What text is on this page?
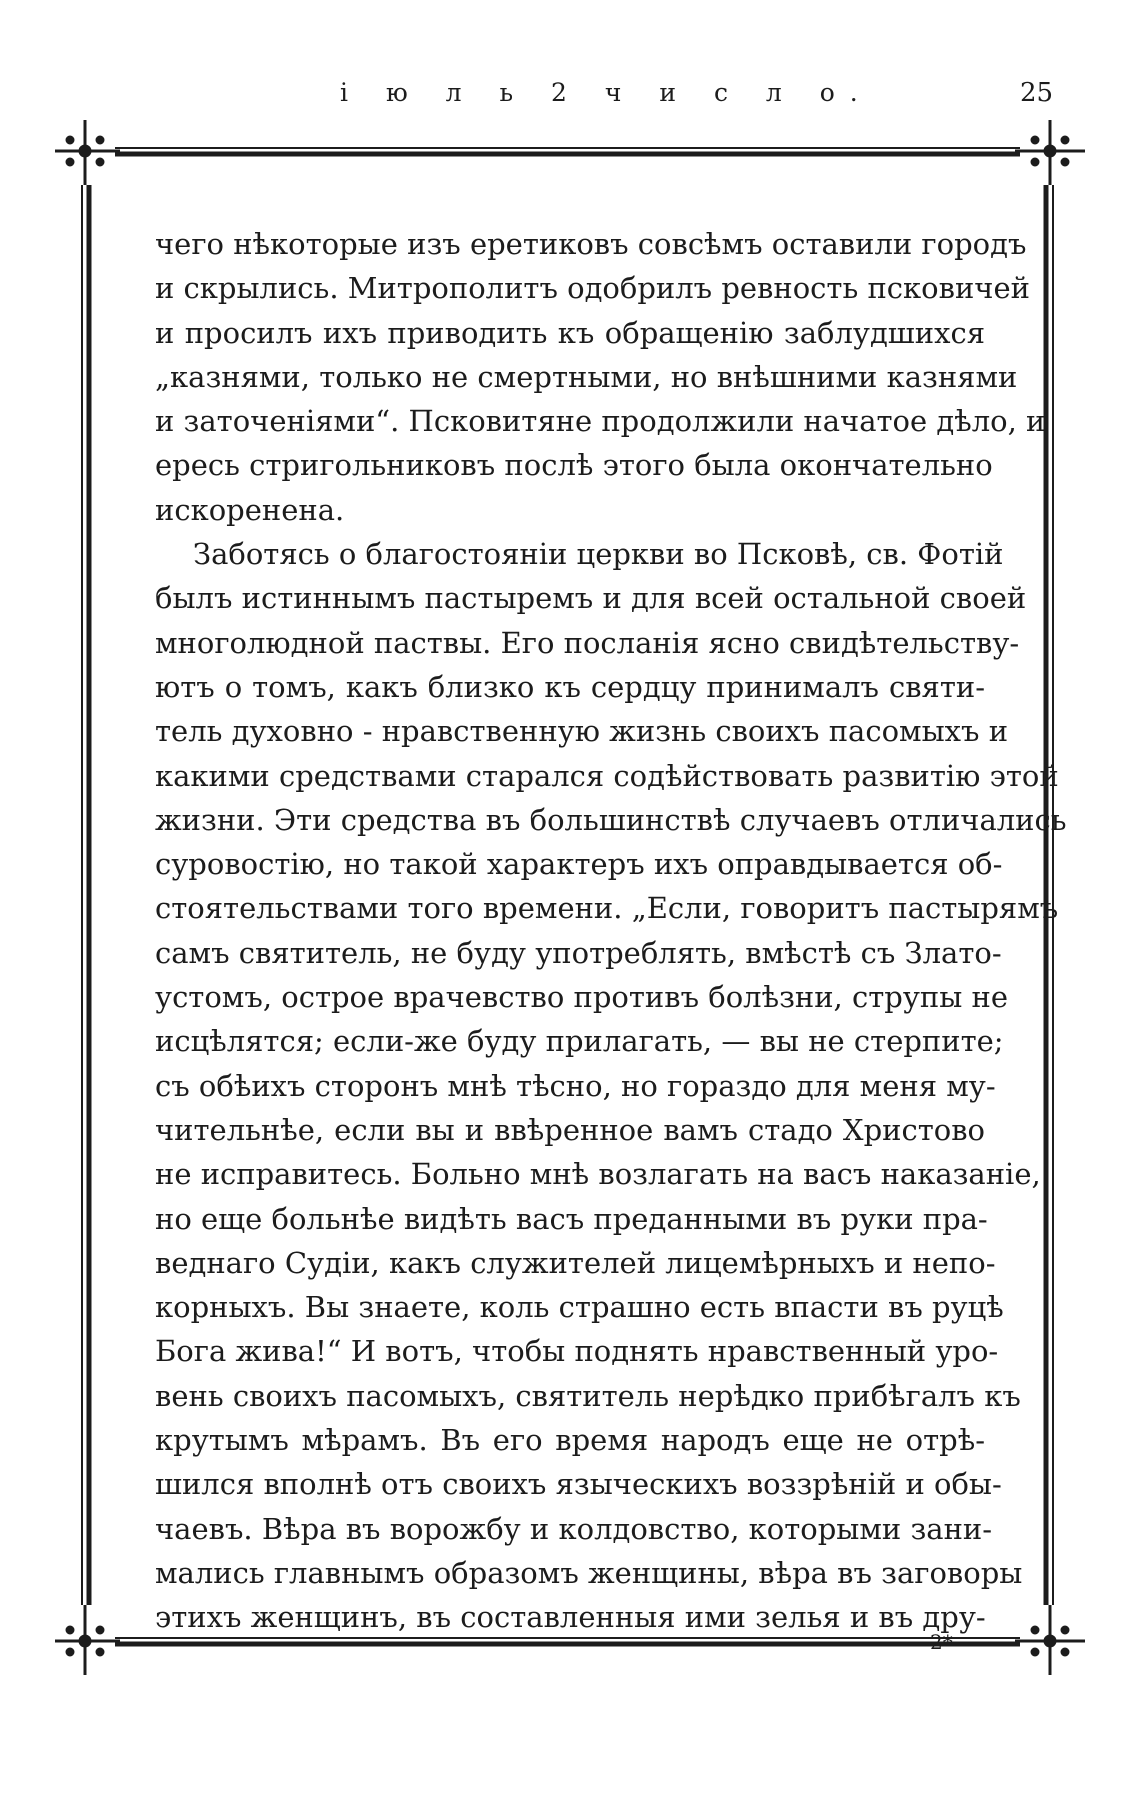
і ю л ь 2 ч и с л о.	25
чего нѣкоторые изъ еретиковъ совсѣмъ оставили городъ
и скрылись. Митрополитъ одобрилъ ревность псковичей
и просилъ ихъ приводить къ обращенію заблудшихся
„казнями, только не смертными, но внѣшними казнями
и заточеніями“. Псковитяне продолжили начатое дѣло, и
ересь стригольниковъ послѣ этого была окончательно
искоренена.
Заботясь о благостояніи церкви во Псковѣ, св. Фотій
былъ истиннымъ пастыремъ и для всей остальной своей
многолюдной паствы. Его посланія ясно свидѣтельству-
ютъ о томъ, какъ близко къ сердцу принималъ святи-
тель духовно - нравственную жизнь своихъ пасомыхъ и
какими средствами старался содѣйствовать развитію этой
жизни. Эти средства въ большинствѣ случаевъ отличались
суровостію, но такой характеръ ихъ оправдывается об-
стоятельствами того времени. „Если, говоритъ пастырямъ
самъ святитель, не буду употреблять, вмѣстѣ съ Злато-
устомъ, острое врачевство противъ болѣзни, струпы не
исцѣлятся; если-же буду прилагать, — вы не стерпите;
съ обѣихъ сторонъ мнѣ тѣсно, но гораздо для меня му-
чительнѣе, если вы и ввѣренное вамъ стадо Христово
не исправитесь. Больно мнѣ возлагать на васъ наказаніе,
но еще больнѣе видѣть васъ преданными въ руки пра-
веднаго Судіи, какъ служителей лицемѣрныхъ и непо-
корныхъ. Вы знаете, коль страшно есть впасти въ руцѣ
Бога жива!“ И вотъ, чтобы поднять нравственный уро-
вень своихъ пасомыхъ, святитель нерѣдко прибѣгалъ къ
крутымъ мѣрамъ. Въ его время народъ еще не отрѣ-
шился вполнѣ отъ своихъ языческихъ воззрѣній и обы-
чаевъ. Вѣра въ ворожбу и колдовство, которыми зани-
мались главнымъ образомъ женщины, вѣра въ заговоры
этихъ женщинъ, въ составленныя ими зелья и въ дру-
2*
